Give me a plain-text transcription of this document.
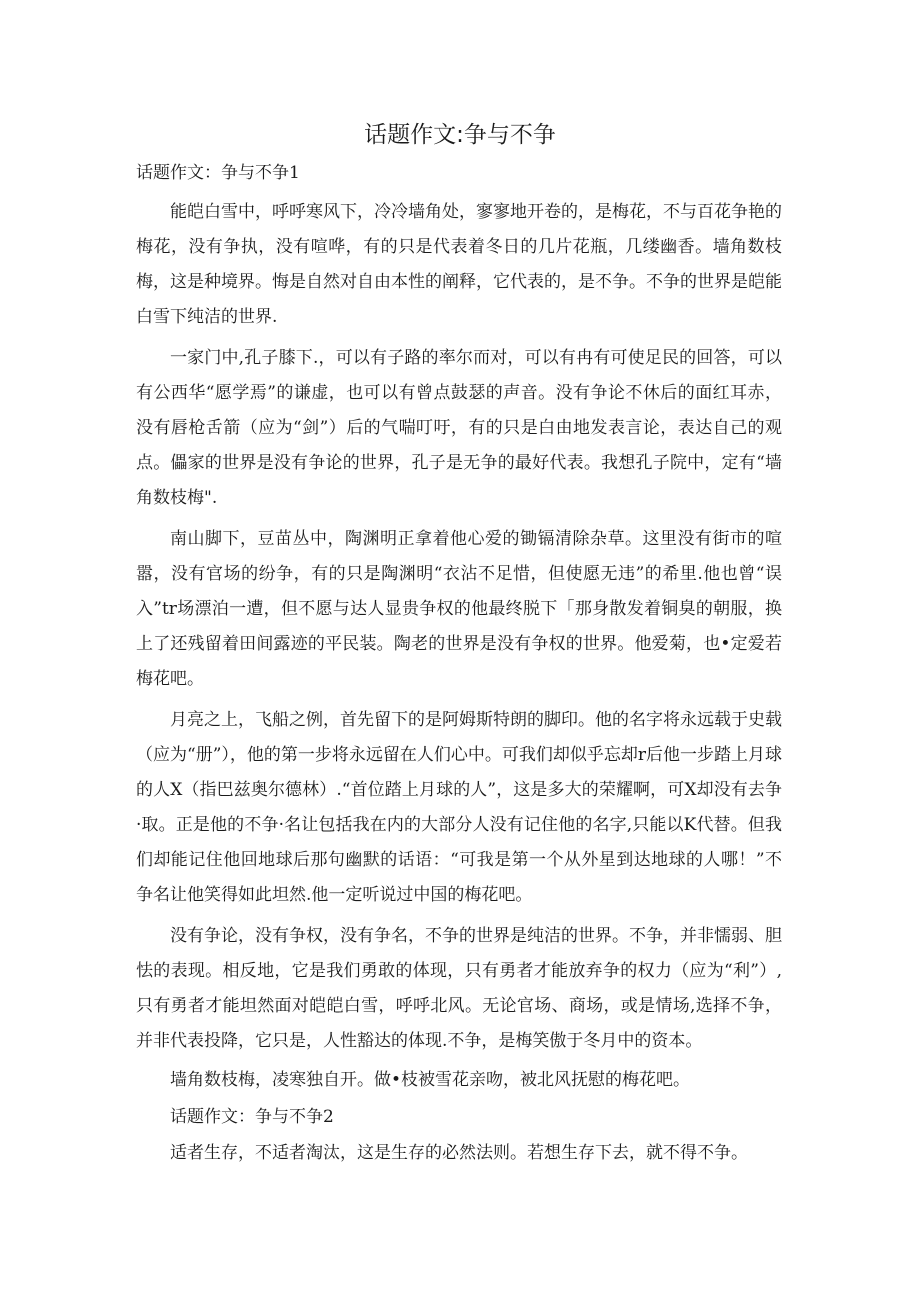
话题作文:争与不争
话题作文：争与不争1

能皑白雪中，呼呼寒风下，冷冷墙角处，寥寥地开卷的，是梅花，不与百花争艳的梅花，没有争执，没有喧哗，有的只是代表着冬日的几片花瓶，几缕幽香。墙角数枝梅，这是种境界。悔是自然对自由本性的阐释，它代表的，是不争。不争的世界是皑能白雪下纯洁的世界.

一家门中,孔子膝下.，可以有子路的率尔而对，可以有冉有可使足民的回答，可以有公西华“愿学焉”的谦虚，也可以有曾点鼓瑟的声音。没有争论不休后的面红耳赤，没有唇枪舌箭（应为“剑”）后的气喘叮吁，有的只是白由地发表言论，表达自己的观点。儡家的世界是没有争论的世界，孔子是无争的最好代表。我想孔子院中，定有“墙角数枝梅".

南山脚下，豆苗丛中，陶渊明正拿着他心爱的锄镉清除杂草。这里没有街市的喧嚣，没有官场的纷争，有的只是陶渊明“衣沾不足惜，但使愿无违”的希里.他也曾“误入”tr场漂泊一遭，但不愿与达人显贵争权的他最终脱下「那身散发着铜臭的朝服，换上了还残留着田间露迹的平民装。陶老的世界是没有争权的世界。他爱菊，也•定爱若梅花吧。

月亮之上，飞船之例，首先留下的是阿姆斯特朗的脚印。他的名字将永远载于史载（应为“册”），他的第一步将永远留在人们心中。可我们却似乎忘却r后他一步踏上月球的人X（指巴兹奥尔德林）.“首位踏上月球的人”，这是多大的荣耀啊，可X却没有去争·取。正是他的不争·名让包括我在内的大部分人没有记住他的名字,只能以K代替。但我们却能记住他回地球后那句幽默的话语：“可我是第一个从外星到达地球的人哪！”不争名让他笑得如此坦然.他一定听说过中国的梅花吧。

没有争论，没有争权，没有争名，不争的世界是纯洁的世界。不争，并非懦弱、胆怯的表现。相反地，它是我们勇敢的体现，只有勇者才能放弃争的权力（应为“利”）,只有勇者才能坦然面对皑皑白雪，呼呼北风。无论官场、商场，或是情场,选择不争，并非代表投降，它只是，人性豁达的体现.不争，是梅笑傲于冬月中的资本。

墙角数枝梅，凌寒独自开。做•枝被雪花亲吻，被北风抚慰的梅花吧。
话题作文：争与不争2
适者生存，不适者淘汰，这是生存的必然法则。若想生存下去，就不得不争。
